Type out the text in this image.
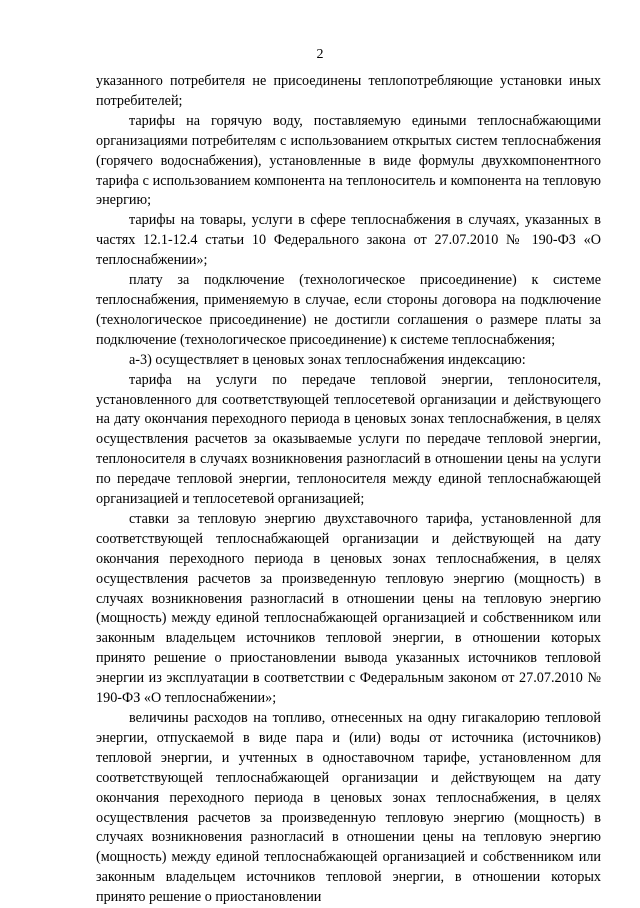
2

указанного потребителя не присоединены теплопотребляющие установки иных потребителей;

тарифы на горячую воду, поставляемую едиными теплоснабжающими организациями потребителям с использованием открытых систем теплоснабжения (горячего водоснабжения), установленные в виде формулы двухкомпонентного тарифа с использованием компонента на теплоноситель и компонента на тепловую энергию;

тарифы на товары, услуги в сфере теплоснабжения в случаях, указанных в частях 12.1-12.4 статьи 10 Федерального закона от 27.07.2010 № 190-ФЗ «О теплоснабжении»;

плату за подключение (технологическое присоединение) к системе теплоснабжения, применяемую в случае, если стороны договора на подключение (технологическое присоединение) не достигли соглашения о размере платы за подключение (технологическое присоединение) к системе теплоснабжения;

а-3) осуществляет в ценовых зонах теплоснабжения индексацию:

тарифа на услуги по передаче тепловой энергии, теплоносителя, установленного для соответствующей теплосетевой организации и действующего на дату окончания переходного периода в ценовых зонах теплоснабжения, в целях осуществления расчетов за оказываемые услуги по передаче тепловой энергии, теплоносителя в случаях возникновения разногласий в отношении цены на услуги по передаче тепловой энергии, теплоносителя между единой теплоснабжающей организацией и теплосетевой организацией;

ставки за тепловую энергию двухставочного тарифа, установленной для соответствующей теплоснабжающей организации и действующей на дату окончания переходного периода в ценовых зонах теплоснабжения, в целях осуществления расчетов за произведенную тепловую энергию (мощность) в случаях возникновения разногласий в отношении цены на тепловую энергию (мощность) между единой теплоснабжающей организацией и собственником или законным владельцем источников тепловой энергии, в отношении которых принято решение о приостановлении вывода указанных источников тепловой энергии из эксплуатации в соответствии с Федеральным законом от 27.07.2010 № 190-ФЗ «О теплоснабжении»;

величины расходов на топливо, отнесенных на одну гигакалорию тепловой энергии, отпускаемой в виде пара и (или) воды от источника (источников) тепловой энергии, и учтенных в одноставочном тарифе, установленном для соответствующей теплоснабжающей организации и действующем на дату окончания переходного периода в ценовых зонах теплоснабжения, в целях осуществления расчетов за произведенную тепловую энергию (мощность) в случаях возникновения разногласий в отношении цены на тепловую энергию (мощность) между единой теплоснабжающей организацией и собственником или законным владельцем источников тепловой энергии, в отношении которых принято решение о приостановлении
